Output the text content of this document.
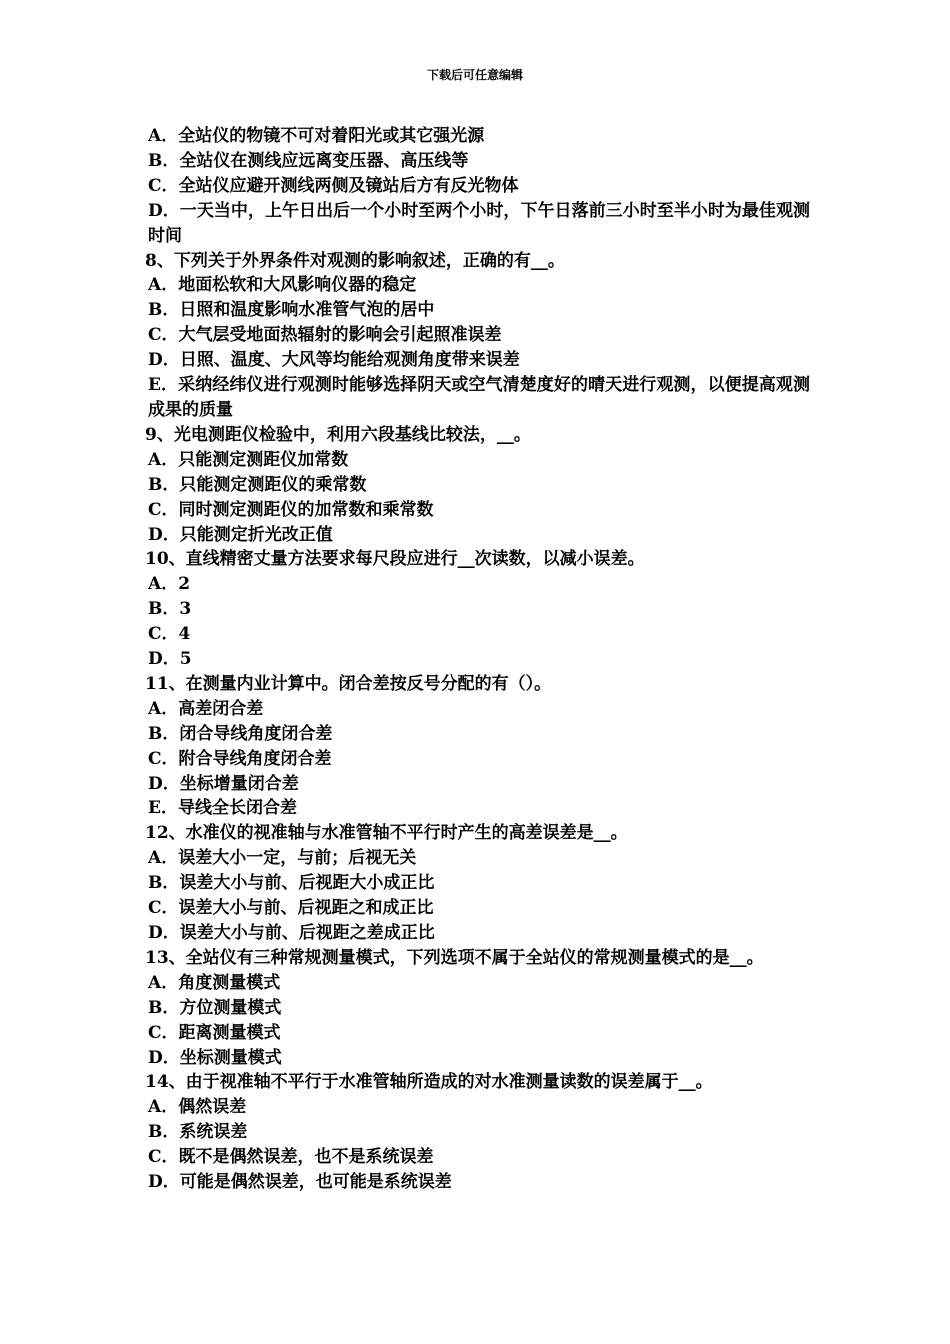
下载后可任意编辑
A．全站仪的物镜不可对着阳光或其它强光源
B．全站仪在测线应远离变压器、高压线等
C．全站仪应避开测线两侧及镜站后方有反光物体
D．一天当中，上午日出后一个小时至两个小时，下午日落前三小时至半小时为最佳观测时间
8、下列关于外界条件对观测的影响叙述，正确的有__。
A．地面松软和大风影响仪器的稳定
B．日照和温度影响水准管气泡的居中
C．大气层受地面热辐射的影响会引起照准误差
D．日照、温度、大风等均能给观测角度带来误差
E．采纳经纬仪进行观测时能够选择阴天或空气清楚度好的晴天进行观测，以便提高观测成果的质量
9、光电测距仪检验中，利用六段基线比较法，__。
A．只能测定测距仪加常数
B．只能测定测距仪的乘常数
C．同时测定测距仪的加常数和乘常数
D．只能测定折光改正值
10、直线精密丈量方法要求每尺段应进行__次读数，以减小误差。
A．2
B．3
C．4
D．5
11、在测量内业计算中。闭合差按反号分配的有（）。
A．高差闭合差
B．闭合导线角度闭合差
C．附合导线角度闭合差
D．坐标增量闭合差
E．导线全长闭合差
12、水准仪的视准轴与水准管轴不平行时产生的高差误差是__。
A．误差大小一定，与前；后视无关
B．误差大小与前、后视距大小成正比
C．误差大小与前、后视距之和成正比
D．误差大小与前、后视距之差成正比
13、全站仪有三种常规测量模式，下列选项不属于全站仪的常规测量模式的是__。
A．角度测量模式
B．方位测量模式
C．距离测量模式
D．坐标测量模式
14、由于视准轴不平行于水准管轴所造成的对水准测量读数的误差属于__。
A．偶然误差
B．系统误差
C．既不是偶然误差，也不是系统误差
D．可能是偶然误差，也可能是系统误差
